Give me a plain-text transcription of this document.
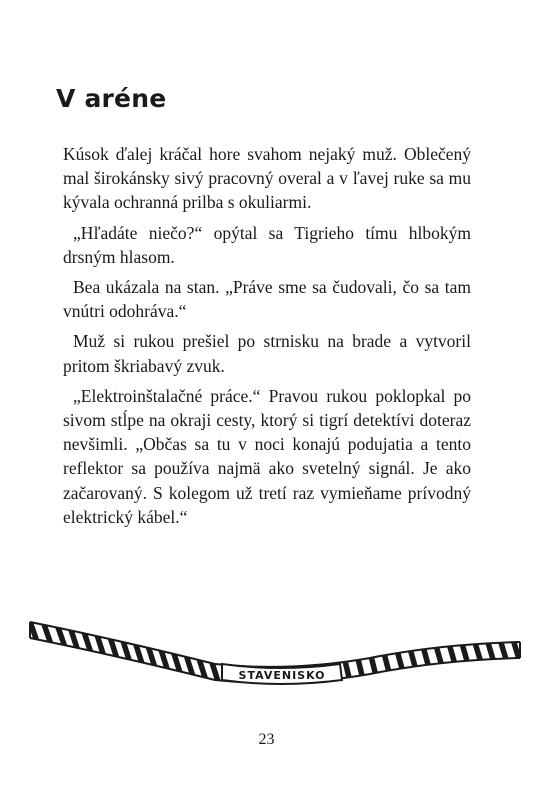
V aréne

Kúsok ďalej kráčal hore svahom nejaký muž. Oblečený mal širokánsky sivý pracovný overal a v ľavej ruke sa mu kývala ochranná prilba s okuliarmi.

„Hľadáte niečo?“ opýtal sa Tigrieho tímu hlbokým drsným hlasom.

Bea ukázala na stan. „Práve sme sa čudovali, čo sa tam vnútri odohráva.“

Muž si rukou prešiel po strnisku na brade a vytvoril pritom škriabavý zvuk.

„Elektroinštalačné práce.“ Pravou rukou poklopkal po sivom stĺpe na okraji cesty, ktorý si tigrí detektívi doteraz nevšimli. „Občas sa tu v noci konajú podujatia a tento reflektor sa používa najmä ako svetelný signál. Je ako začarovaný. S kolegom už tretí raz vymieňame prívodný elektrický kábel.“

STAVENISKO
23
